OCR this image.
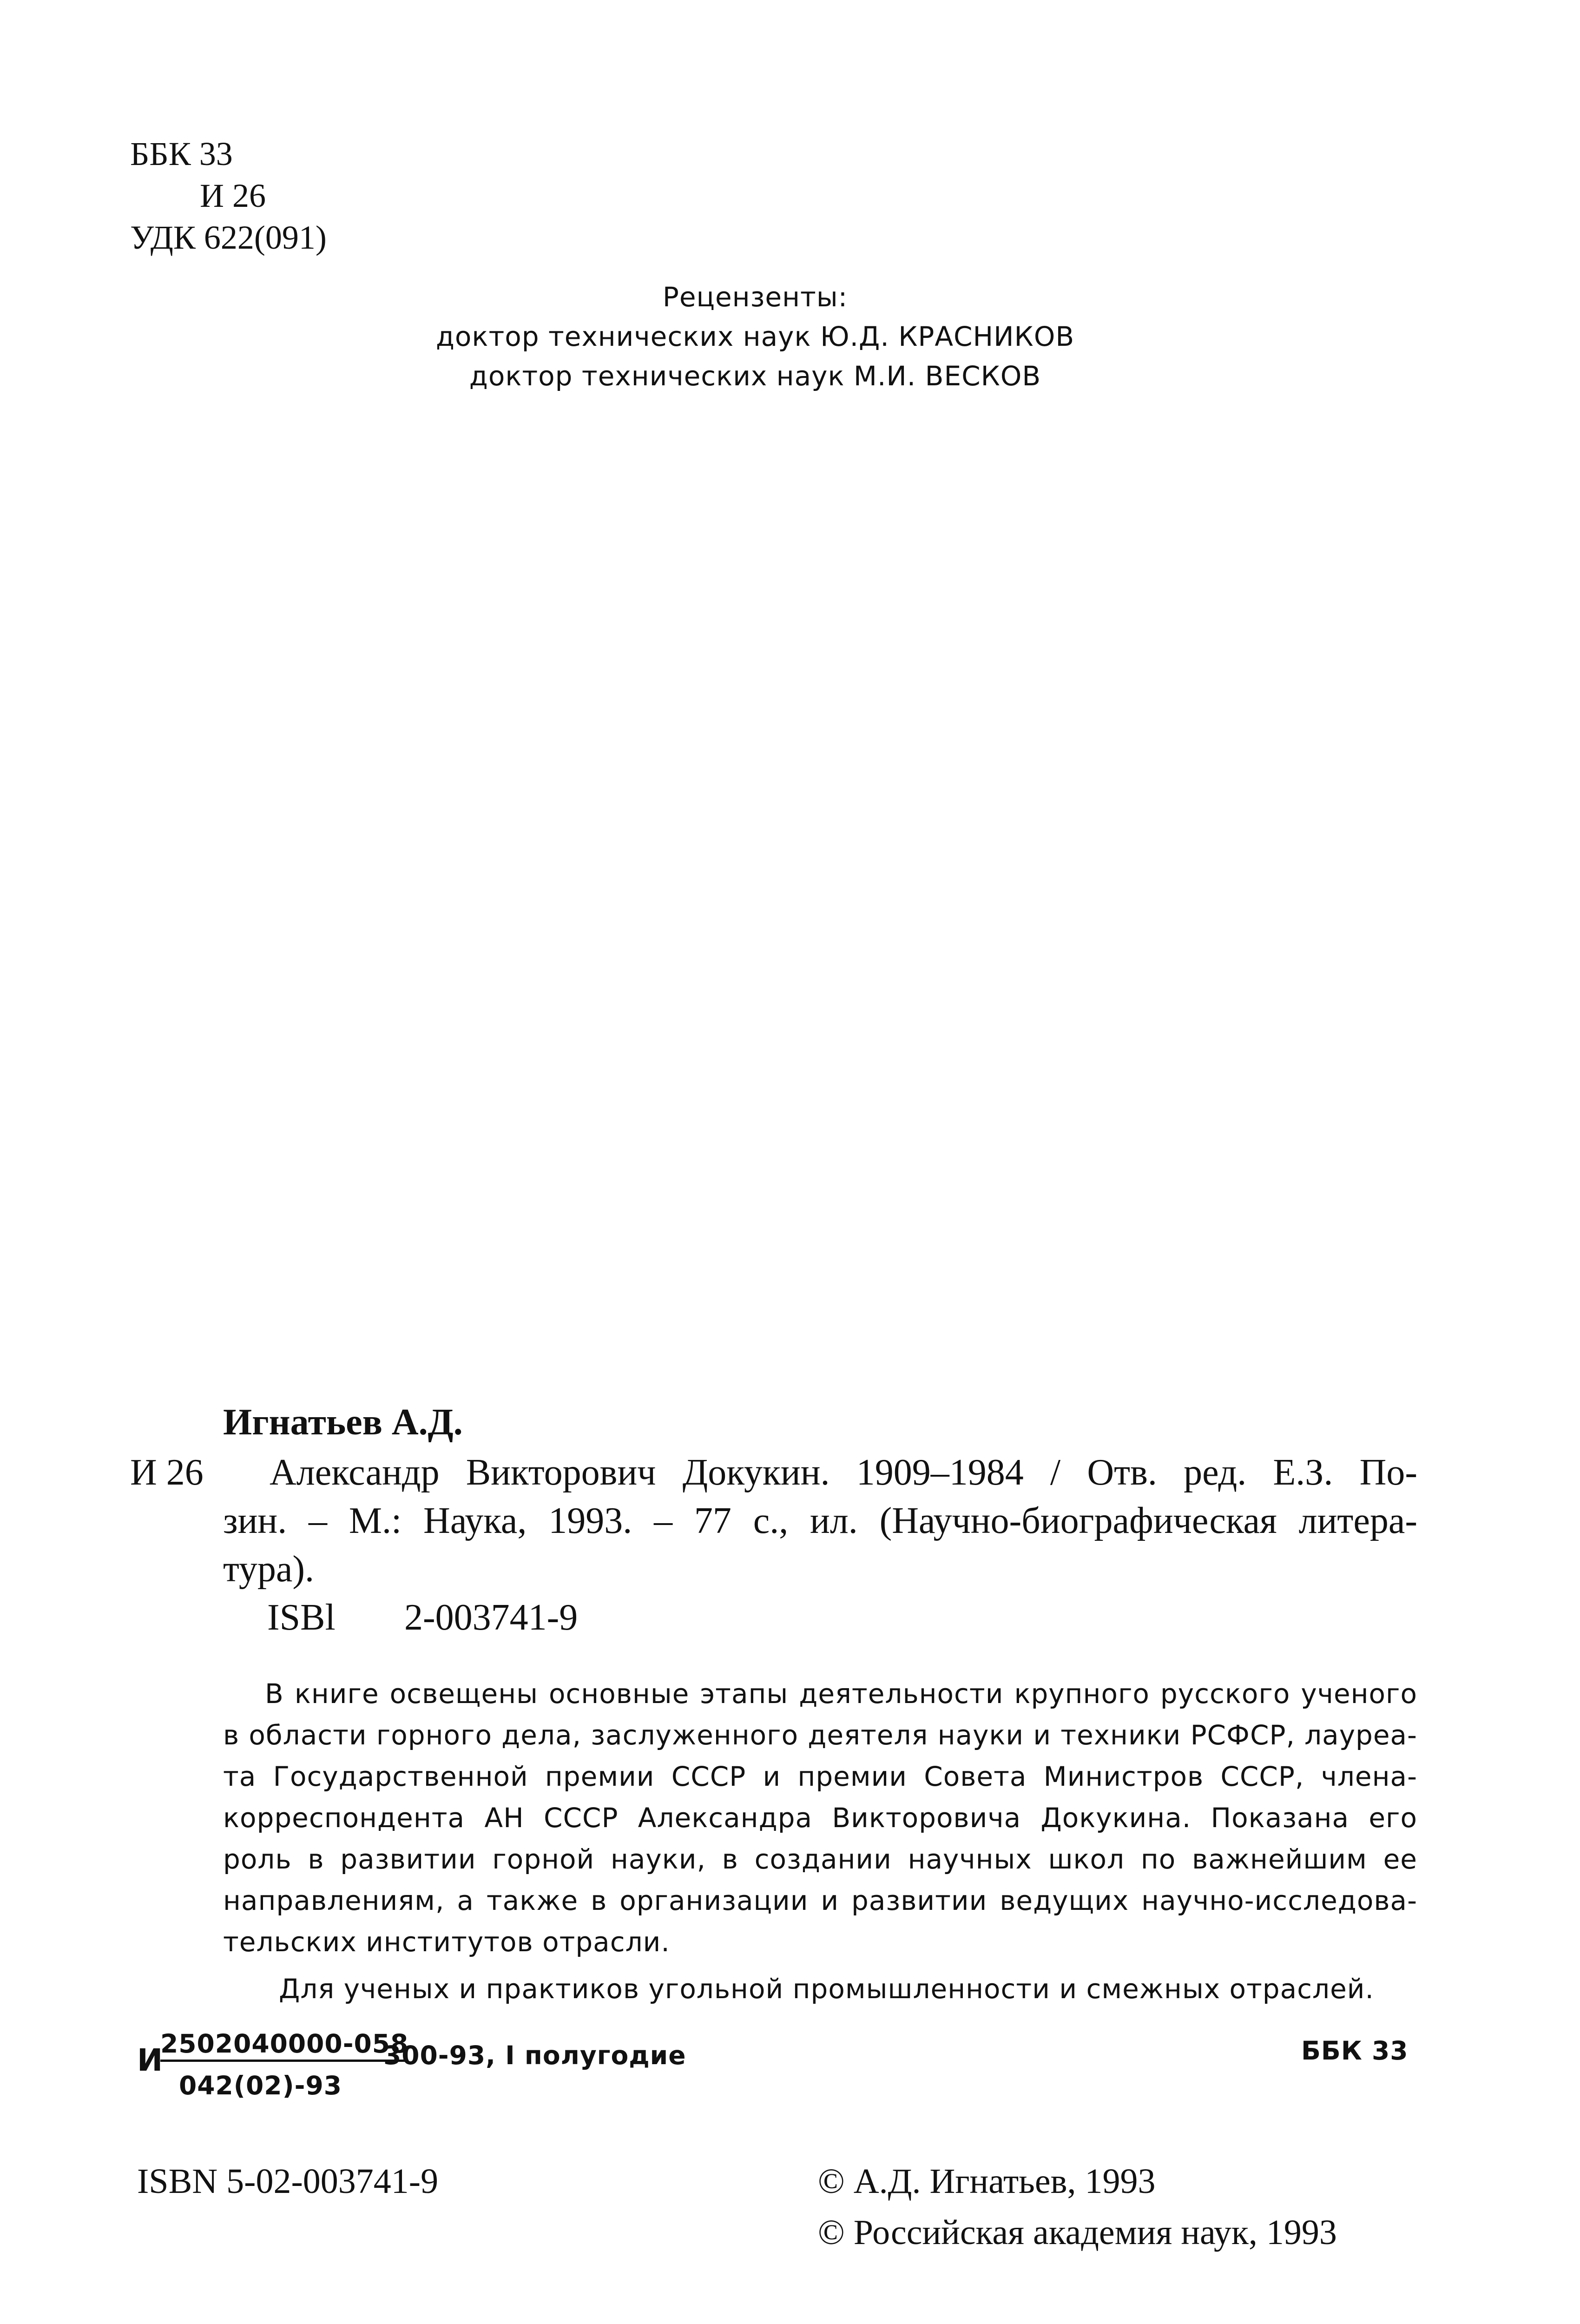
ББК 33
И 26
УДК 622(091)
Рецензенты:
доктор технических наук Ю.Д. КРАСНИКОВ
доктор технических наук М.И. ВЕСКОВ
Игнатьев А.Д.
И 26 Александр Викторович Докукин. 1909–1984 / Отв. ред. Е.З. По-
зин. – М.: Наука, 1993. – 77 с., ил. (Научно-биографическая литера-
тура).
ISBl 2-003741-9
В книге освещены основные этапы деятельности крупного русского ученого
в области горного дела, заслуженного деятеля науки и техники РСФСР, лауреа-
та Государственной премии СССР и премии Совета Министров СССР, члена-
корреспондента АН СССР Александра Викторовича Докукина. Показана его
роль в развитии горной науки, в создании научных школ по важнейшим ее
направлениям, а также в организации и развитии ведущих научно-исследова-
тельских институтов отрасли.
Для ученых и практиков угольной промышленности и смежных отраслей.
И
2502040000-058
042(02)-93
300-93, I полугодие	ББК 33
ISBN 5-02-003741-9	© А.Д. Игнатьев, 1993
© Российская академия наук, 1993
